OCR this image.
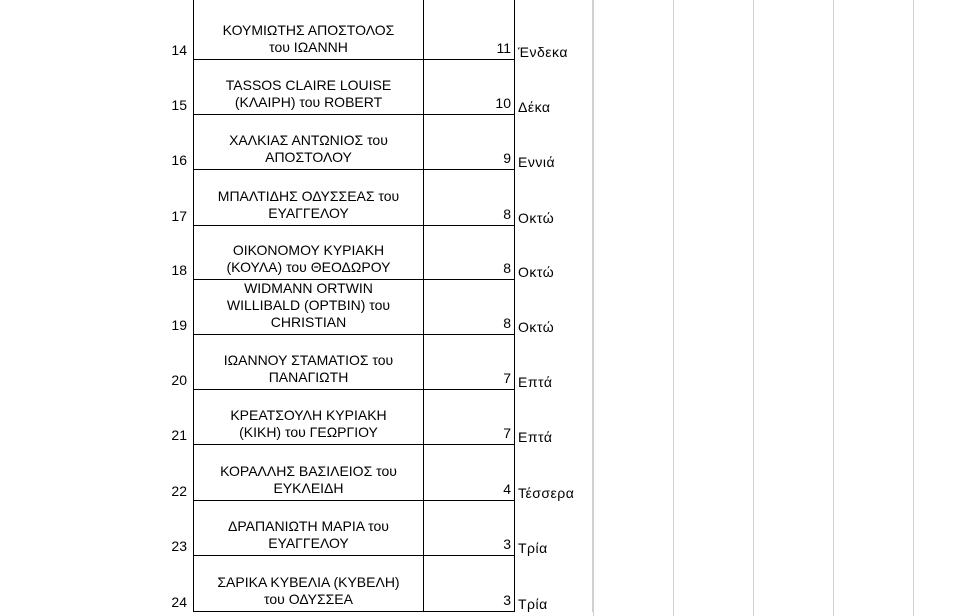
14
ΚΟΥΜΙΩΤΗΣ ΑΠΟΣΤΟΛΟΣ
του ΙΩΑΝΝΗ	11 Ένδεκα
15
TASSOS CLAIRE LOUISE
(ΚΛΑΙΡΗ) του ROBERT	10 Δέκα
16
ΧΑΛΚΙΑΣ ΑΝΤΩΝΙΟΣ του
ΑΠΟΣΤΟΛΟΥ	9 Εννιά
17
ΜΠΑΛΤΙΔΗΣ ΟΔΥΣΣΕΑΣ του
ΕΥΑΓΓΕΛΟΥ	8 Οκτώ
18
ΟΙΚΟΝΟΜΟΥ ΚΥΡΙΑΚΗ
(ΚΟΥΛΑ) του ΘΕΟΔΩΡΟΥ	8 Οκτώ
19
WIDMANN ORTWIN
WILLIBALD (ΟΡΤΒΙΝ) του
CHRISTIAN	8 Οκτώ
20
ΙΩΑΝΝΟΥ ΣΤΑΜΑΤΙΟΣ του
ΠΑΝΑΓΙΩΤΗ	7 Επτά
21
ΚΡΕΑΤΣΟΥΛΗ ΚΥΡΙΑΚΗ
(ΚΙΚΗ) του ΓΕΩΡΓΙΟΥ	7 Επτά
22
ΚΟΡΑΛΛΗΣ ΒΑΣΙΛΕΙΟΣ του
ΕΥΚΛΕΙΔΗ	4 Τέσσερα
23
ΔΡΑΠΑΝΙΩΤΗ ΜΑΡΙΑ του
ΕΥΑΓΓΕΛΟΥ	3 Τρία
24
ΣΑΡΙΚΑ ΚΥΒΕΛΙΑ (ΚΥΒΕΛΗ)
του ΟΔΥΣΣΕΑ	3 Τρία
